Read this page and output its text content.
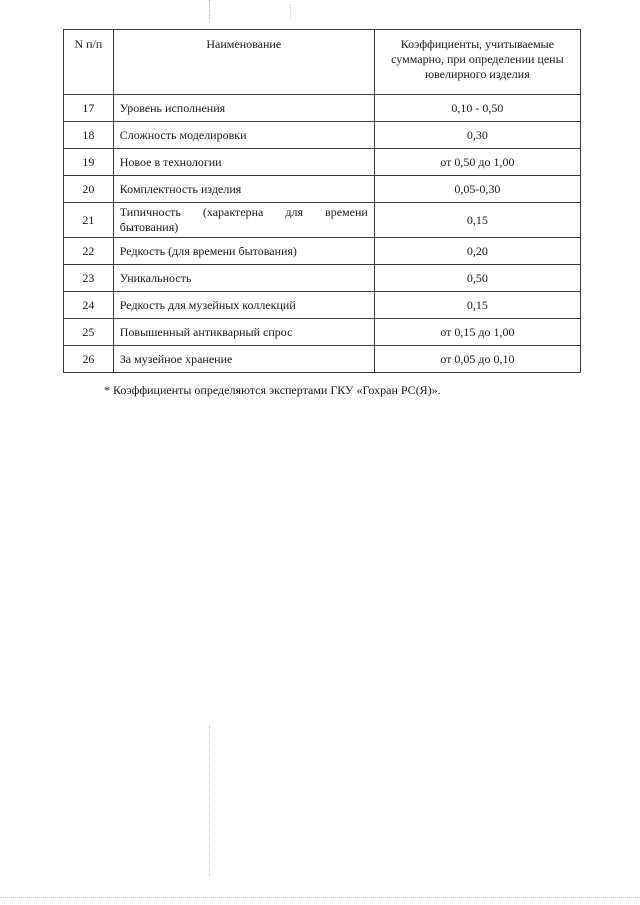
N п/п	Наименование	Коэффициенты, учитываемые суммарно, при определении цены ювелирного изделия
17	Уровень исполнения	0,10 - 0,50
18	Сложность моделировки	0,30
19	Новое в технологии	от 0,50 до 1,00
20	Комплектность изделия	0,05-0,30
21	Типичность (характерна для времени бытования)	0,15
22	Редкость (для времени бытования)	0,20
23	Уникальность	0,50
24	Редкость для музейных коллекций	0,15
25	Повышенный антикварный спрос	от 0,15 до 1,00
26	За музейное хранение	от 0,05 до 0,10
* Коэффициенты определяются экспертами ГКУ «Гохран РС(Я)».
